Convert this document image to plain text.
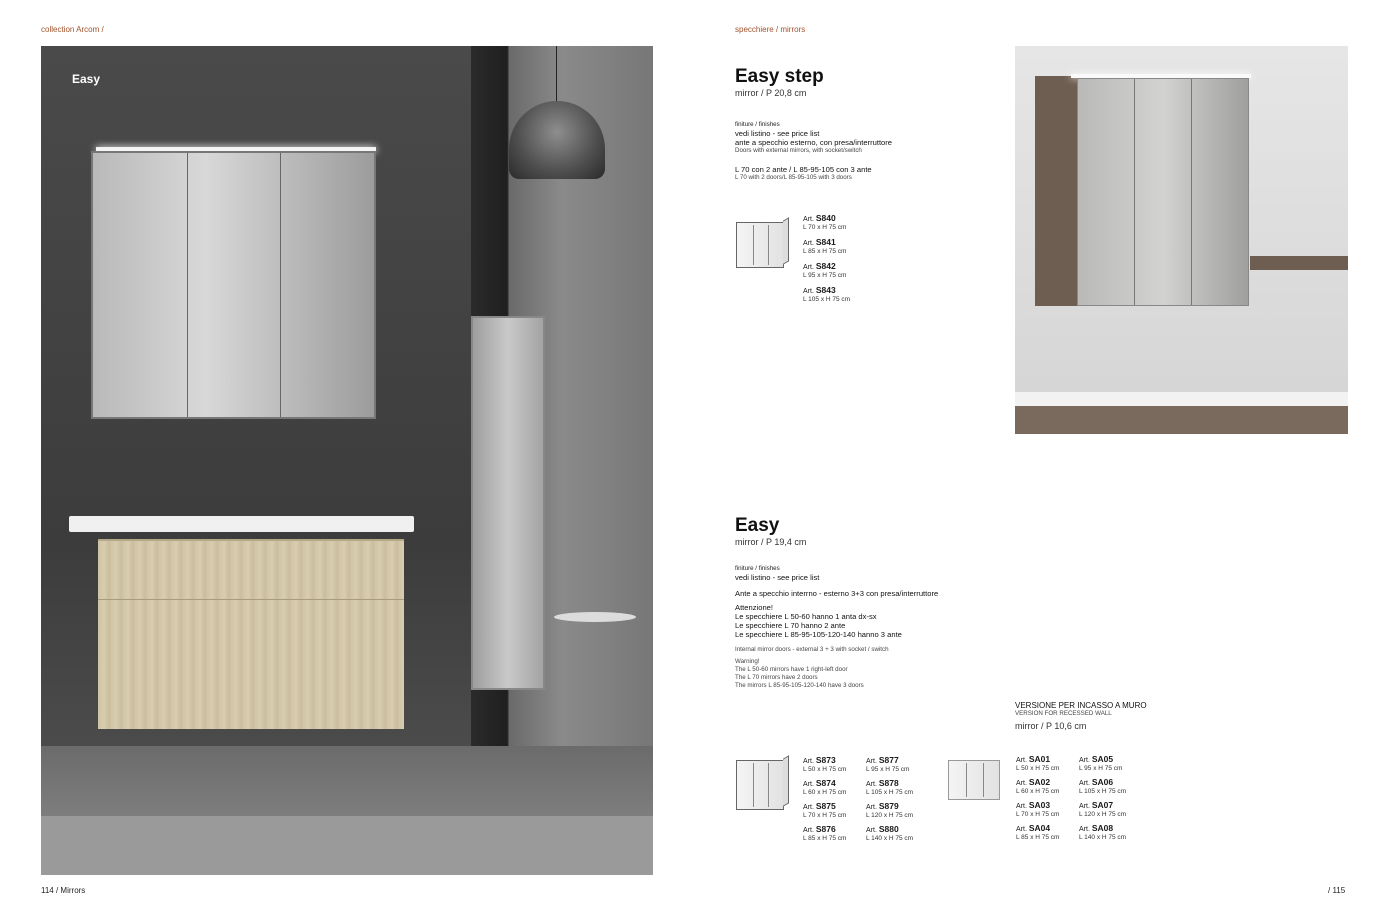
collection Arcom /	specchiere / mirrors
114 / Mirrors	/ 115
Easy	Easy step
mirror / P 20,8 cm
finiture / finishes
vedi listino - see price list
ante a specchio esterno, con presa/interruttore
Doors with external mirrors, with socket/switch
L 70 con 2 ante / L 85-95-105 con 3 ante
L 70 with 2 doors/L 85-95-105 with 3 doors
Art. S840
L 70 x H 75 cm
Art. S841
L 85 x H 75 cm
Art. S842
L 95 x H 75 cm
Art. S843
L 105 x H 75 cm
Easy
mirror / P 19,4 cm
finiture / finishes
vedi listino - see price list
Ante a specchio interrno - esterno 3+3 con presa/interruttore
Attenzione!
Le specchiere L 50-60 hanno 1 anta dx-sx
Le specchiere L 70 hanno 2 ante
Le specchiere L 85-95-105-120-140 hanno 3 ante
Internal mirror doors - external 3 + 3 with socket / switch
Warning!
The L 50-60 mirrors have 1 right-left door
The L 70 mirrors have 2 doors
The mirrors L 85-95-105-120-140 have 3 doors
Art. S873
L 50 x H 75 cm
Art. S874
L 60 x H 75 cm
Art. S875
L 70 x H 75 cm
Art. S876
L 85 x H 75 cm
Art. S877
L 95 x H 75 cm
Art. S878
L 105 x H 75 cm
Art. S879
L 120 x H 75 cm
Art. S880
L 140 x H 75 cm
VERSIONE PER INCASSO A MURO
VERSION FOR RECESSED WALL
mirror / P 10,6 cm
Art. SA01
L 50 x H 75 cm
Art. SA02
L 60 x H 75 cm
Art. SA03
L 70 x H 75 cm
Art. SA04
L 85 x H 75 cm
Art. SA05
L 95 x H 75 cm
Art. SA06
L 105 x H 75 cm
Art. SA07
L 120 x H 75 cm
Art. SA08
L 140 x H 75 cm
